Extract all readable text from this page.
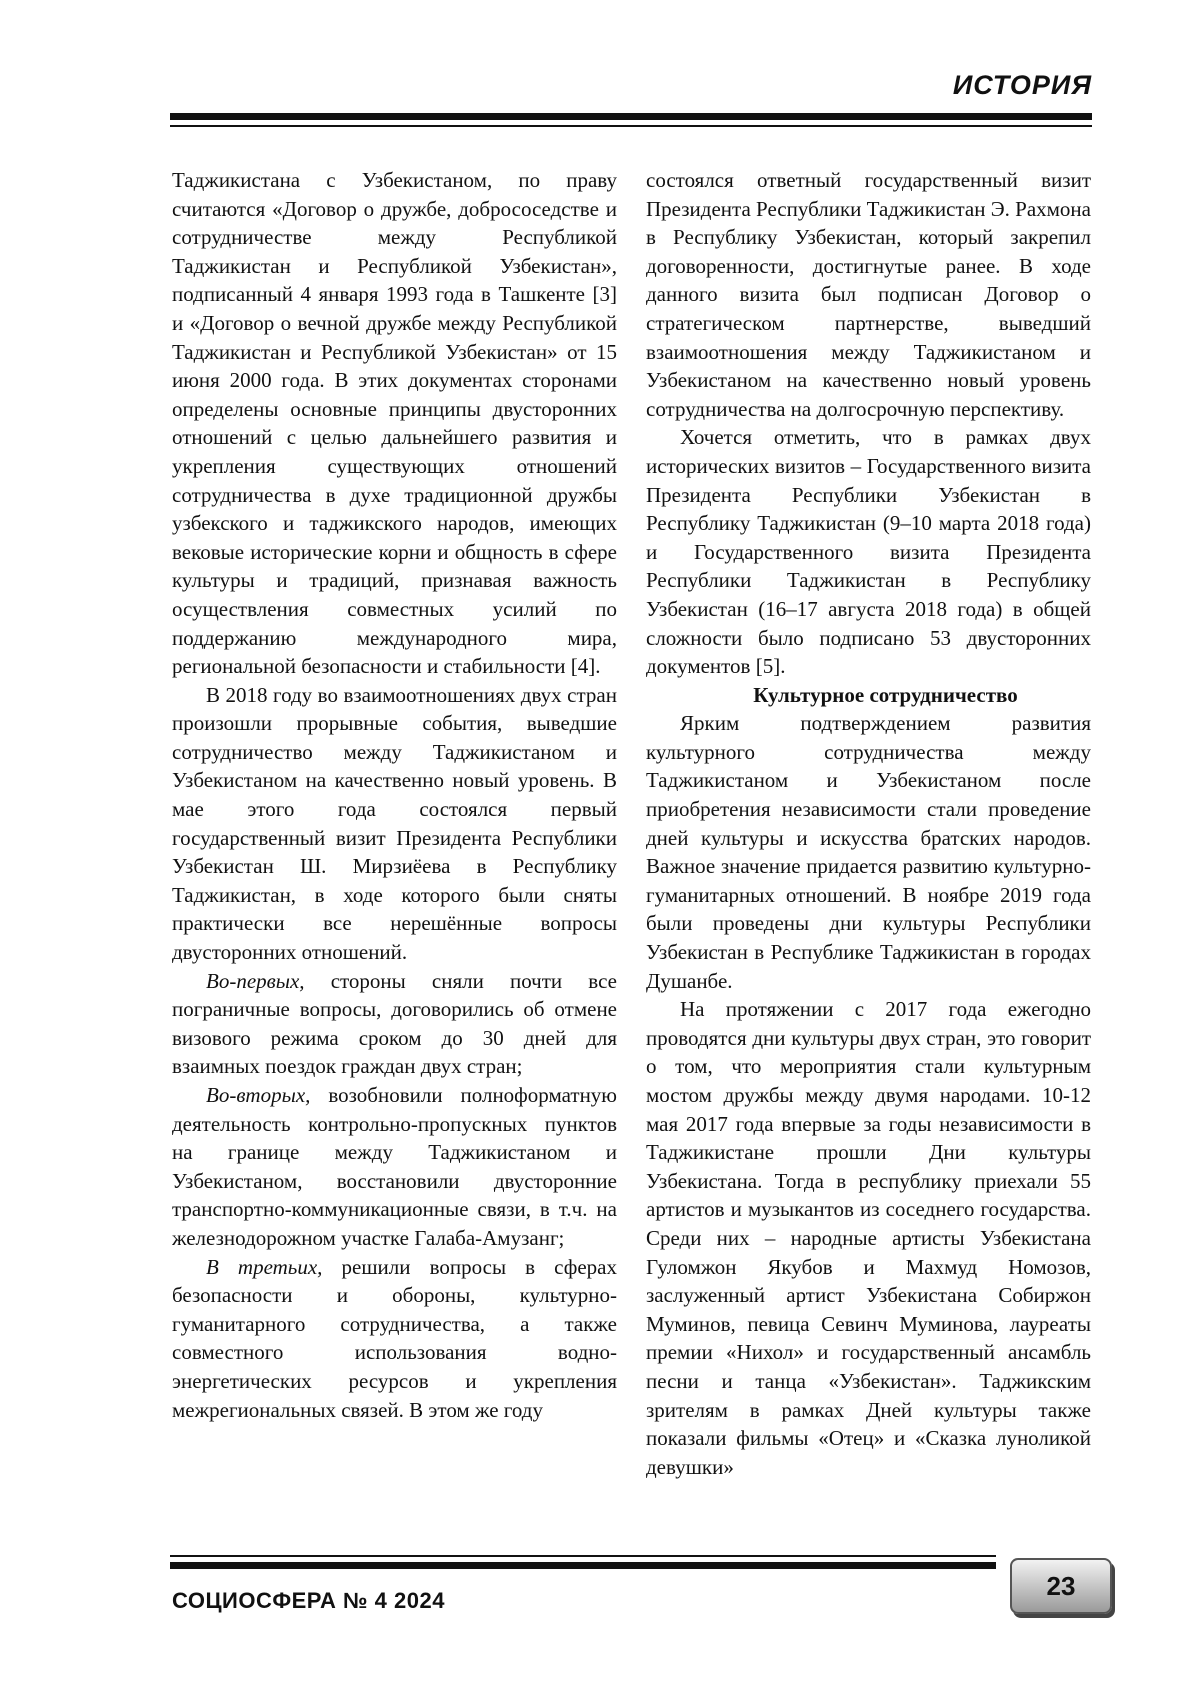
ИСТОРИЯ

Таджикистана с Узбекистаном, по праву считаются «Договор о дружбе, добрососедстве и сотрудничестве между Республикой Таджикистан и Республикой Узбекистан», подписанный 4 января 1993 года в Ташкенте [3] и «Договор о вечной дружбе между Республикой Таджикистан и Республикой Узбекистан» от 15 июня 2000 года. В этих документах сторонами определены основные принципы двусторонних отношений с целью дальнейшего развития и укрепления существующих отношений сотрудничества в духе традиционной дружбы узбекского и таджикского народов, имеющих вековые исторические корни и общность в сфере культуры и традиций, признавая важность осуществления совместных усилий по поддержанию международного мира, региональной безопасности и стабильности [4].

В 2018 году во взаимоотношениях двух стран произошли прорывные события, выведшие сотрудничество между Таджикистаном и Узбекистаном на качественно новый уровень. В мае этого года состоялся первый государственный визит Президента Республики Узбекистан Ш. Мирзиёева в Республику Таджикистан, в ходе которого были сняты практически все нерешённые вопросы двусторонних отношений.

Во-первых, стороны сняли почти все пограничные вопросы, договорились об отмене визового режима сроком до 30 дней для взаимных поездок граждан двух стран;

Во-вторых, возобновили полноформатную деятельность контрольно-пропускных пунктов на границе между Таджикистаном и Узбекистаном, восстановили двусторонние транспортно-коммуникационные связи, в т.ч. на железнодорожном участке Галаба-Амузанг;

В третьих, решили вопросы в сферах безопасности и обороны, культурно-гуманитарного сотрудничества, а также совместного использования водно-энергетических ресурсов и укрепления межрегиональных связей. В этом же году

состоялся ответный государственный визит Президента Республики Таджикистан Э. Рахмона в Республику Узбекистан, который закрепил договоренности, достигнутые ранее. В ходе данного визита был подписан Договор о стратегическом партнерстве, выведший взаимоотношения между Таджикистаном и Узбекистаном на качественно новый уровень сотрудничества на долгосрочную перспективу.

Хочется отметить, что в рамках двух исторических визитов – Государственного визита Президента Республики Узбекистан в Республику Таджикистан (9–10 марта 2018 года) и Государственного визита Президента Республики Таджикистан в Республику Узбекистан (16–17 августа 2018 года) в общей сложности было подписано 53 двусторонних документов [5].

Культурное сотрудничество

Ярким подтверждением развития культурного сотрудничества между Таджикистаном и Узбекистаном после приобретения независимости стали проведение дней культуры и искусства братских народов. Важное значение придается развитию культурно-гуманитарных отношений. В ноябре 2019 года были проведены дни культуры Республики Узбекистан в Республике Таджикистан в городах Душанбе.

На протяжении с 2017 года ежегодно проводятся дни культуры двух стран, это говорит о том, что мероприятия стали культурным мостом дружбы между двумя народами. 10-12 мая 2017 года впервые за годы независимости в Таджикистане прошли Дни культуры Узбекистана. Тогда в республику приехали 55 артистов и музыкантов из соседнего государства. Среди них – народные артисты Узбекистана Гуломжон Якубов и Махмуд Номозов, заслуженный артист Узбекистана Собиржон Муминов, певица Севинч Муминова, лауреаты премии «Нихол» и государственный ансамбль песни и танца «Узбекистан». Таджикским зрителям в рамках Дней культуры также показали фильмы «Отец» и «Сказка луноликой девушки»

СОЦИОСФЕРА № 4 2024	23
